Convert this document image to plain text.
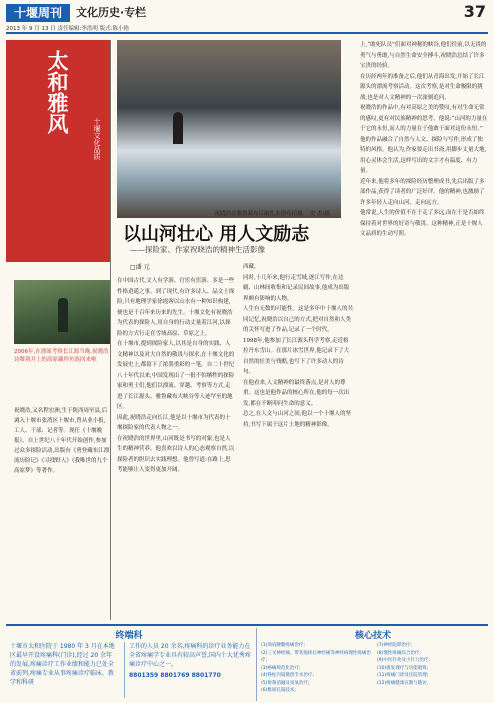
十堰周刊	文化历史·专栏	37
2013 年 9 月 13 日 责任编辑:李洪明 版式:陈小艳
太和雅风
十堰文化品质
2006年,在漂流考察长江源当晚,祝晓浩诗舞剑并上的高原藏羚鱼族回来啦
祝晓浩,又名程宏洲,生于陕西周至县,后调入十堰市张湾区十堰市,曾从业小报,工人、干部、记者等。现任《十堰晚报》。自上世纪八十年代开始创作,参加过众多探险活动,出版有《勇登藏布江漂流历险记》《寻找野人》《我唯世的九个高原梦》等著作。
祝晓浩在雅鲁藏布江破扎木漂布拍摄。 史 杰/摄
以山河壮心 用人文励志
——探险家、作家祝晓浩的精神生活影像
□潘 元

在中国古代,文人有学游、官宦有宦游、多是一些性格逍遥之事。到了现代,有许多诗人、品文士探险,只有地理学家徐霞客以山水有一种知识构建,便也是千百年来历来的先生。十堰文化有祝晓浩为代表的探险人,用自身的行动丈量着江河,以探险的方式行走在雪域高原、草原之上。

在十堰市,提到探险家人,以其是自身的实践、人文精神以及对大自然的敬畏与探求,在十堰文化的发展史上,都留下了浓墨重彩的一笔。自二十世纪八十年代以来,中国发现出了一批不怕牺牲的探险家和勇士们,他们以漂流、穿越、考察等方式,走进了长江源头、雅鲁藏布大峡谷等人迹罕至的地区。

因此,祝晓浩走向长江,他是以十堰市为代表的十堰探险家的代表人物之一。

在祝晓浩的世界里,山河既是书写的对象,也是人生的精神营养。他喜欢以诗人的心态观察自然,以探险者的胆识去实践理想。他曾写道:在路上,思考能够让人变得更加开阔。

西藏。

同时,十几年来,他行走雪域,逐江写作,在边疆、山林间收集和记录民间故事,他成为出版界颇有影响的人物。

人生有无数的可能性。这是多年中十堰人的共同记忆,祝晓浩以自己的方式,把对自然和人类的关怀写进了作品,记录了一个时代。

1998年,他参加了长江源头科学考察,走近格拉丹东雪山。在那片冰雪世界,他记录下了大自然的壮美与残酷,也写下了许多动人的诗句。

在他看来,人文精神的最终落点,是对人的尊重。这也是他作品的核心所在,他的每一次出发,都在不断叩问生命的意义。

总之,在人文与山河之间,他以一个十堰人的坚持,书写下属于这片土地的精神影像。

上,“敢死队员”们面对神秘的峡谷,他们往前,以无畏的勇气与勇敢,与自然生命安全搏斗,祝晓浩总结了许多宝贵的经验。

在历经两年的准备之后,他们从青海出发,开始了长江源头的漂流考察活动。这次考察,是对生命极限的挑战,也是对人文精神的一次深刻追问。

祝晓浩的作品中,有对高原之美的赞叹,有对生命无常的感叹,更有对民族精神的思考。他说:“山河的力量在于它的永恒,而人的力量在于他敢于面对这份永恒。”

他的作品融合了自然与人文、探险与写作,形成了独特的风格。他认为,作家要走出书斋,用脚步丈量大地,用心灵体会生活,这样写出的文字才有温度、有力量。

近年来,他将多年的探险经历整理成书,先后出版了多部作品,获得了读者的广泛好评。他的精神,也激励了许多年轻人走向山河、走向远方。

他常说,人生的价值不在于走了多远,而在于是否始终保持着对世界的好奇与敬畏。这种精神,正是十堰人文品质的生动写照。

终端科
十堰市太和医院于 1980 年 3 月在本地区最早开设疼痛科(门诊),经过 20 余年的发展,疼痛诊疗工作业绩和能力已处全省前列,疼痛专业从事疼痛诊疗临床、教学和科研
工作的人员 20 余名,疼痛科的诊疗业务能力在全省疼痛学专业具有较高声誉,国内十大优秀疼痛诊疗中心之一。
8801359 8801769 8801770
核心技术
(1)颈肩腰腿疼痛治疗;
(2)三叉神经痛、带状疱疹后神经痛等神经病理性疼痛治疗;
(3)癌痛规范化治疗;
(4)脊柱内镜微创手术治疗;
(5)射频消融及臭氧治疗;
(6)椎间孔镜技术;
(7)神经阻滞治疗;
(8)慢性疼痛综合治疗;
(9)中医针灸及小针刀治疗;
(10)康复理疗与功能锻炼;
(11)疼痛门诊及住院管理;
(12)疼痛健康宣教与随访。
